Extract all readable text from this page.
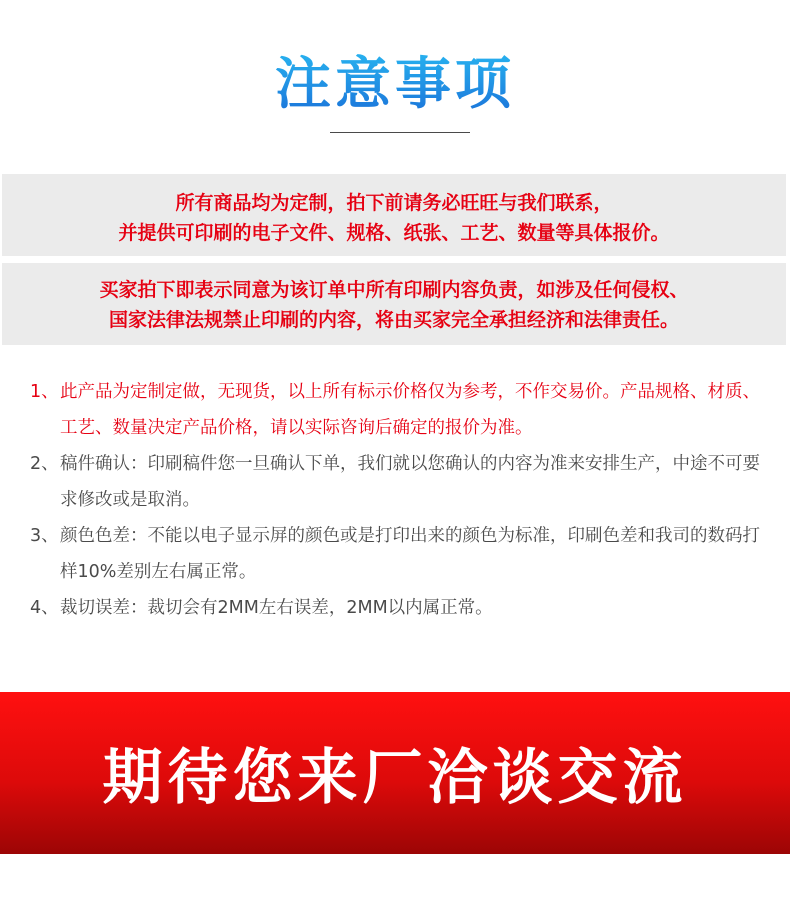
注意事项
所有商品均为定制，拍下前请务必旺旺与我们联系，
并提供可印刷的电子文件、规格、纸张、工艺、数量等具体报价。
买家拍下即表示同意为该订单中所有印刷内容负责，如涉及任何侵权、
国家法律法规禁止印刷的内容，将由买家完全承担经济和法律责任。
1、 此产品为定制定做，无现货，以上所有标示价格仅为参考，不作交易价。产品规格、材质、工艺、数量决定产品价格，请以实际咨询后确定的报价为准。
2、 稿件确认：印刷稿件您一旦确认下单，我们就以您确认的内容为准来安排生产，中途不可要求修改或是取消。
3、 颜色色差：不能以电子显示屏的颜色或是打印出来的颜色为标准，印刷色差和我司的数码打样10%差别左右属正常。
4、 裁切误差：裁切会有2MM左右误差，2MM以内属正常。
期待您来厂洽谈交流
